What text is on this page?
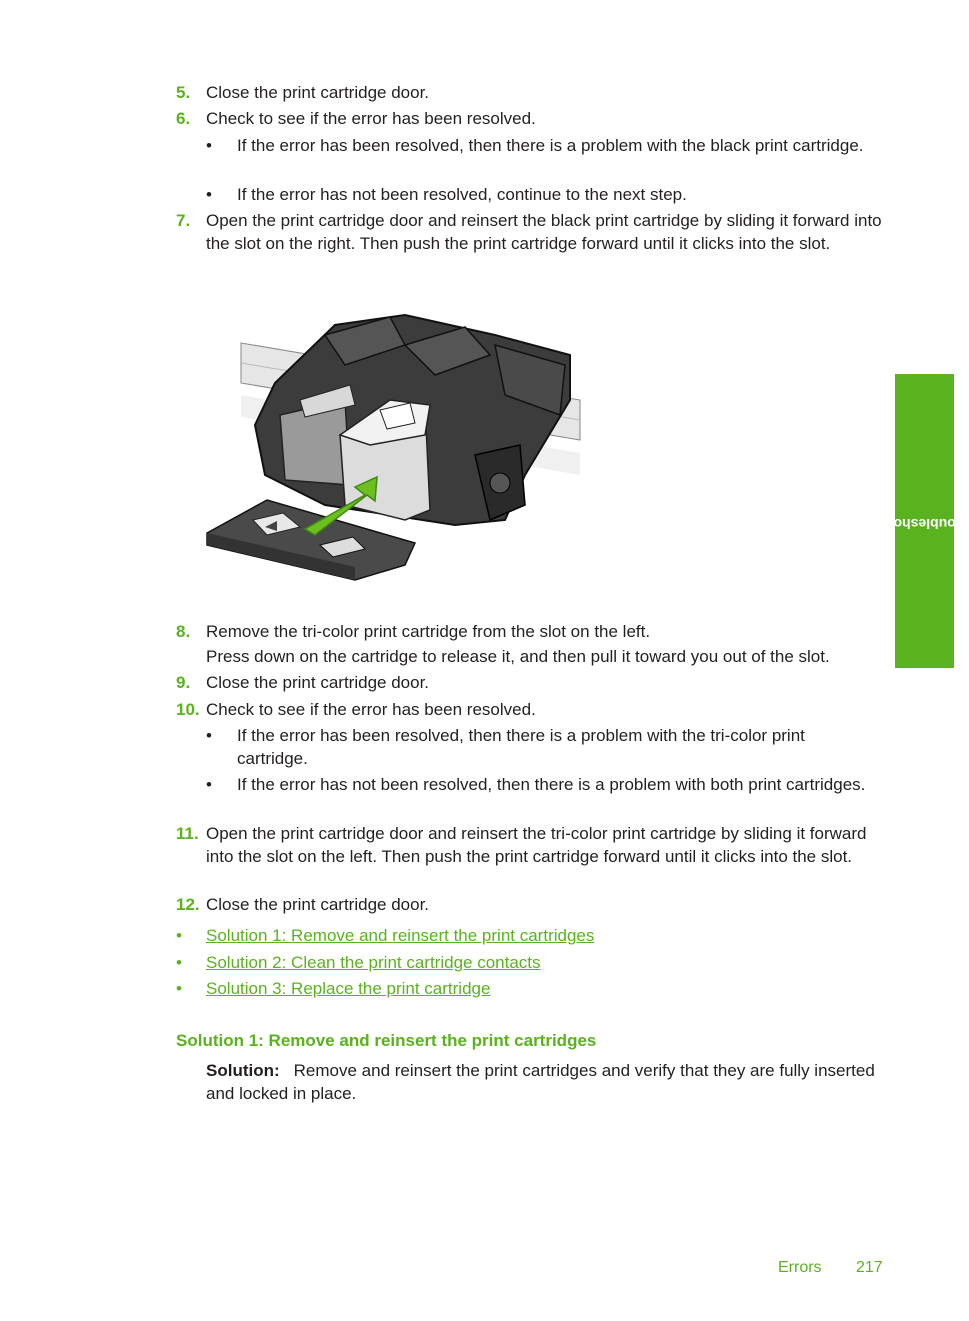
5. Close the print cartridge door.
6. Check to see if the error has been resolved.
• If the error has been resolved, then there is a problem with the black print cartridge.
• If the error has not been resolved, continue to the next step.
7. Open the print cartridge door and reinsert the black print cartridge by sliding it forward into the slot on the right. Then push the print cartridge forward until it clicks into the slot.
8. Remove the tri-color print cartridge from the slot on the left.
Press down on the cartridge to release it, and then pull it toward you out of the slot.
9. Close the print cartridge door.
10. Check to see if the error has been resolved.
• If the error has been resolved, then there is a problem with the tri-color print cartridge.
• If the error has not been resolved, then there is a problem with both print cartridges.
11. Open the print cartridge door and reinsert the tri-color print cartridge by sliding it forward into the slot on the left. Then push the print cartridge forward until it clicks into the slot.
12. Close the print cartridge door.
• Solution 1: Remove and reinsert the print cartridges
• Solution 2: Clean the print cartridge contacts
• Solution 3: Replace the print cartridge
Solution 1: Remove and reinsert the print cartridges
Solution: Remove and reinsert the print cartridges and verify that they are fully inserted and locked in place.
Troubleshooting
Errors 217
